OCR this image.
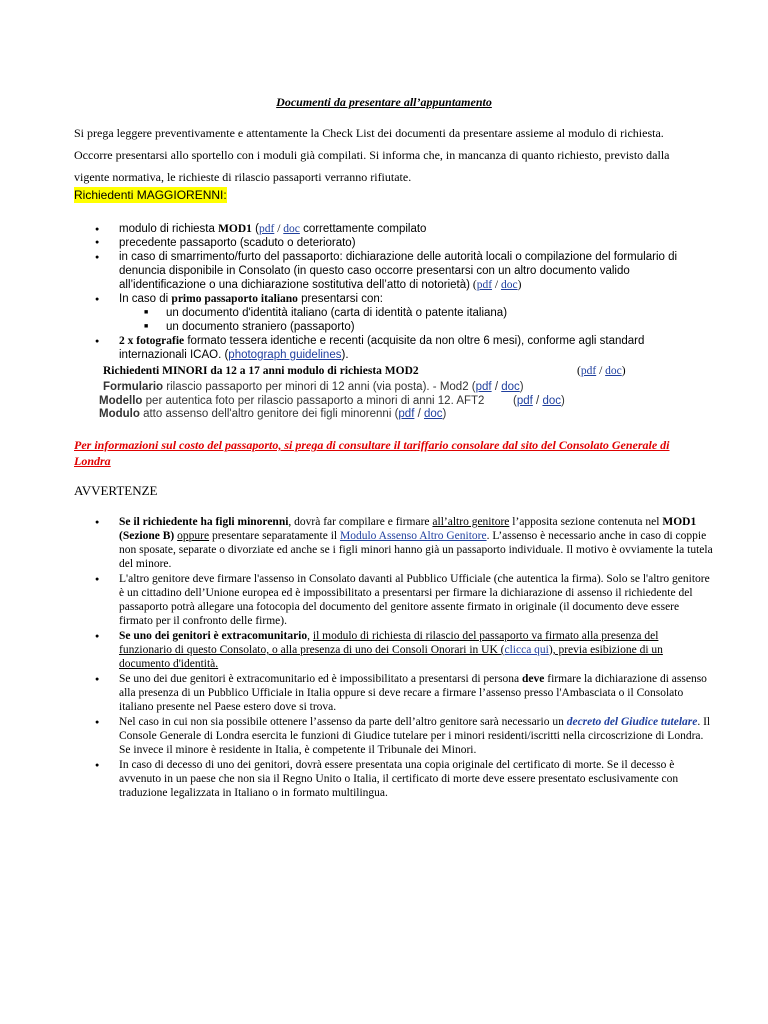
Documenti da presentare all’appuntamento
Si prega leggere preventivamente e attentamente la Check List dei documenti da presentare assieme al modulo di richiesta. Occorre presentarsi allo sportello con i moduli già compilati. Si informa che, in mancanza di quanto richiesto, previsto dalla vigente normativa, le richieste di rilascio passaporti verranno rifiutate.
Richiedenti MAGGIORENNI:
● modulo di richiesta MOD1 (pdf / doc correttamente compilato
● precedente passaporto (scaduto o deteriorato)
● in caso di smarrimento/furto del passaporto: dichiarazione delle autorità locali o compilazione del formulario di denuncia disponibile in Consolato (in questo caso occorre presentarsi con un altro documento valido all’identificazione o una dichiarazione sostitutiva dell’atto di notorietà) (pdf / doc)
● In caso di primo passaporto italiano presentarsi con:
■ un documento d'identità italiano (carta di identità o patente italiana)
■ un documento straniero (passaporto)
● 2 x fotografie formato tessera identiche e recenti (acquisite da non oltre 6 mesi), conforme agli standard internazionali ICAO. (photograph guidelines).
Richiedenti MINORI da 12 a 17 anni modulo di richiesta MOD2	(pdf / doc)
Formulario rilascio passaporto per minori di 12 anni (via posta). - Mod2 (pdf / doc)
Modello per autentica foto per rilascio passaporto a minori di anni 12. AFT2 (pdf / doc)
Modulo atto assenso dell'altro genitore dei figli minorenni (pdf / doc)
Per informazioni sul costo del passaporto, si prega di consultare il tariffario consolare dal sito del Consolato Generale di Londra
AVVERTENZE
● Se il richiedente ha figli minorenni, dovrà far compilare e firmare all’altro genitore l’apposita sezione contenuta nel MOD1 (Sezione B) oppure presentare separatamente il Modulo Assenso Altro Genitore. L’assenso è necessario anche in caso di coppie non sposate, separate o divorziate ed anche se i figli minori hanno già un passaporto individuale. Il motivo è ovviamente la tutela del minore.
● L'altro genitore deve firmare l'assenso in Consolato davanti al Pubblico Ufficiale (che autentica la firma). Solo se l'altro genitore è un cittadino dell’Unione europea ed è impossibilitato a presentarsi per firmare la dichiarazione di assenso il richiedente del passaporto potrà allegare una fotocopia del documento del genitore assente firmato in originale (il documento deve essere firmato per il confronto delle firme).
● Se uno dei genitori è extracomunitario, il modulo di richiesta di rilascio del passaporto va firmato alla presenza del funzionario di questo Consolato, o alla presenza di uno dei Consoli Onorari in UK (clicca qui), previa esibizione di un documento d'identità.
● Se uno dei due genitori è extracomunitario ed è impossibilitato a presentarsi di persona deve firmare la dichiarazione di assenso alla presenza di un Pubblico Ufficiale in Italia oppure si deve recare a firmare l’assenso presso l'Ambasciata o il Consolato italiano presente nel Paese estero dove si trova.
● Nel caso in cui non sia possibile ottenere l’assenso da parte dell’altro genitore sarà necessario un decreto del Giudice tutelare. Il Console Generale di Londra esercita le funzioni di Giudice tutelare per i minori residenti/iscritti nella circoscrizione di Londra. Se invece il minore è residente in Italia, è competente il Tribunale dei Minori.
● In caso di decesso di uno dei genitori, dovrà essere presentata una copia originale del certificato di morte. Se il decesso è avvenuto in un paese che non sia il Regno Unito o Italia, il certificato di morte deve essere presentato esclusivamente con traduzione legalizzata in Italiano o in formato multilingua.
